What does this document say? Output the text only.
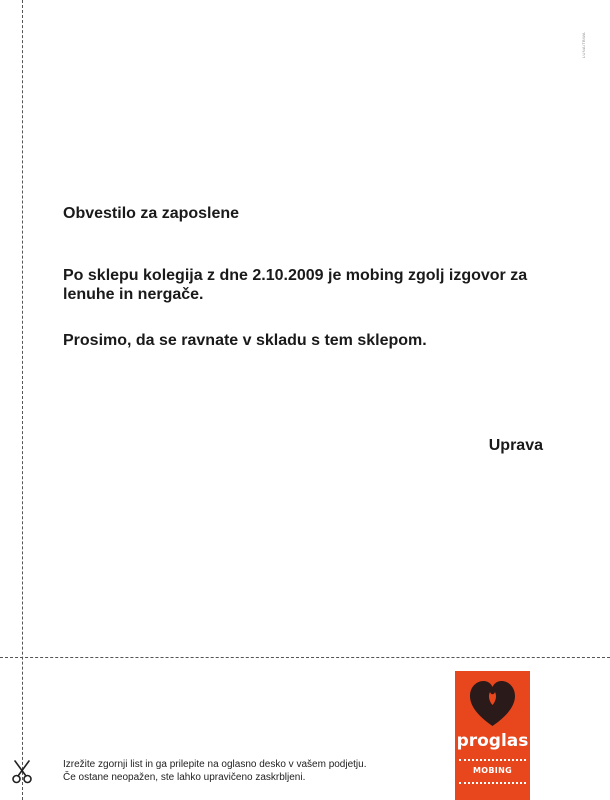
LUNA\TBWA
Obvestilo za zaposlene

Po sklepu kolegija z dne 2.10.2009 je mobing zgolj izgovor za lenuhe in nergače.

Prosimo, da se ravnate v skladu s tem sklepom.

Uprava

Izrežite zgornji list in ga prilepite na oglasno desko v vašem podjetju.
Če ostane neopažen, ste lahko upravičeno zaskrbljeni.
proglas
MOBING
